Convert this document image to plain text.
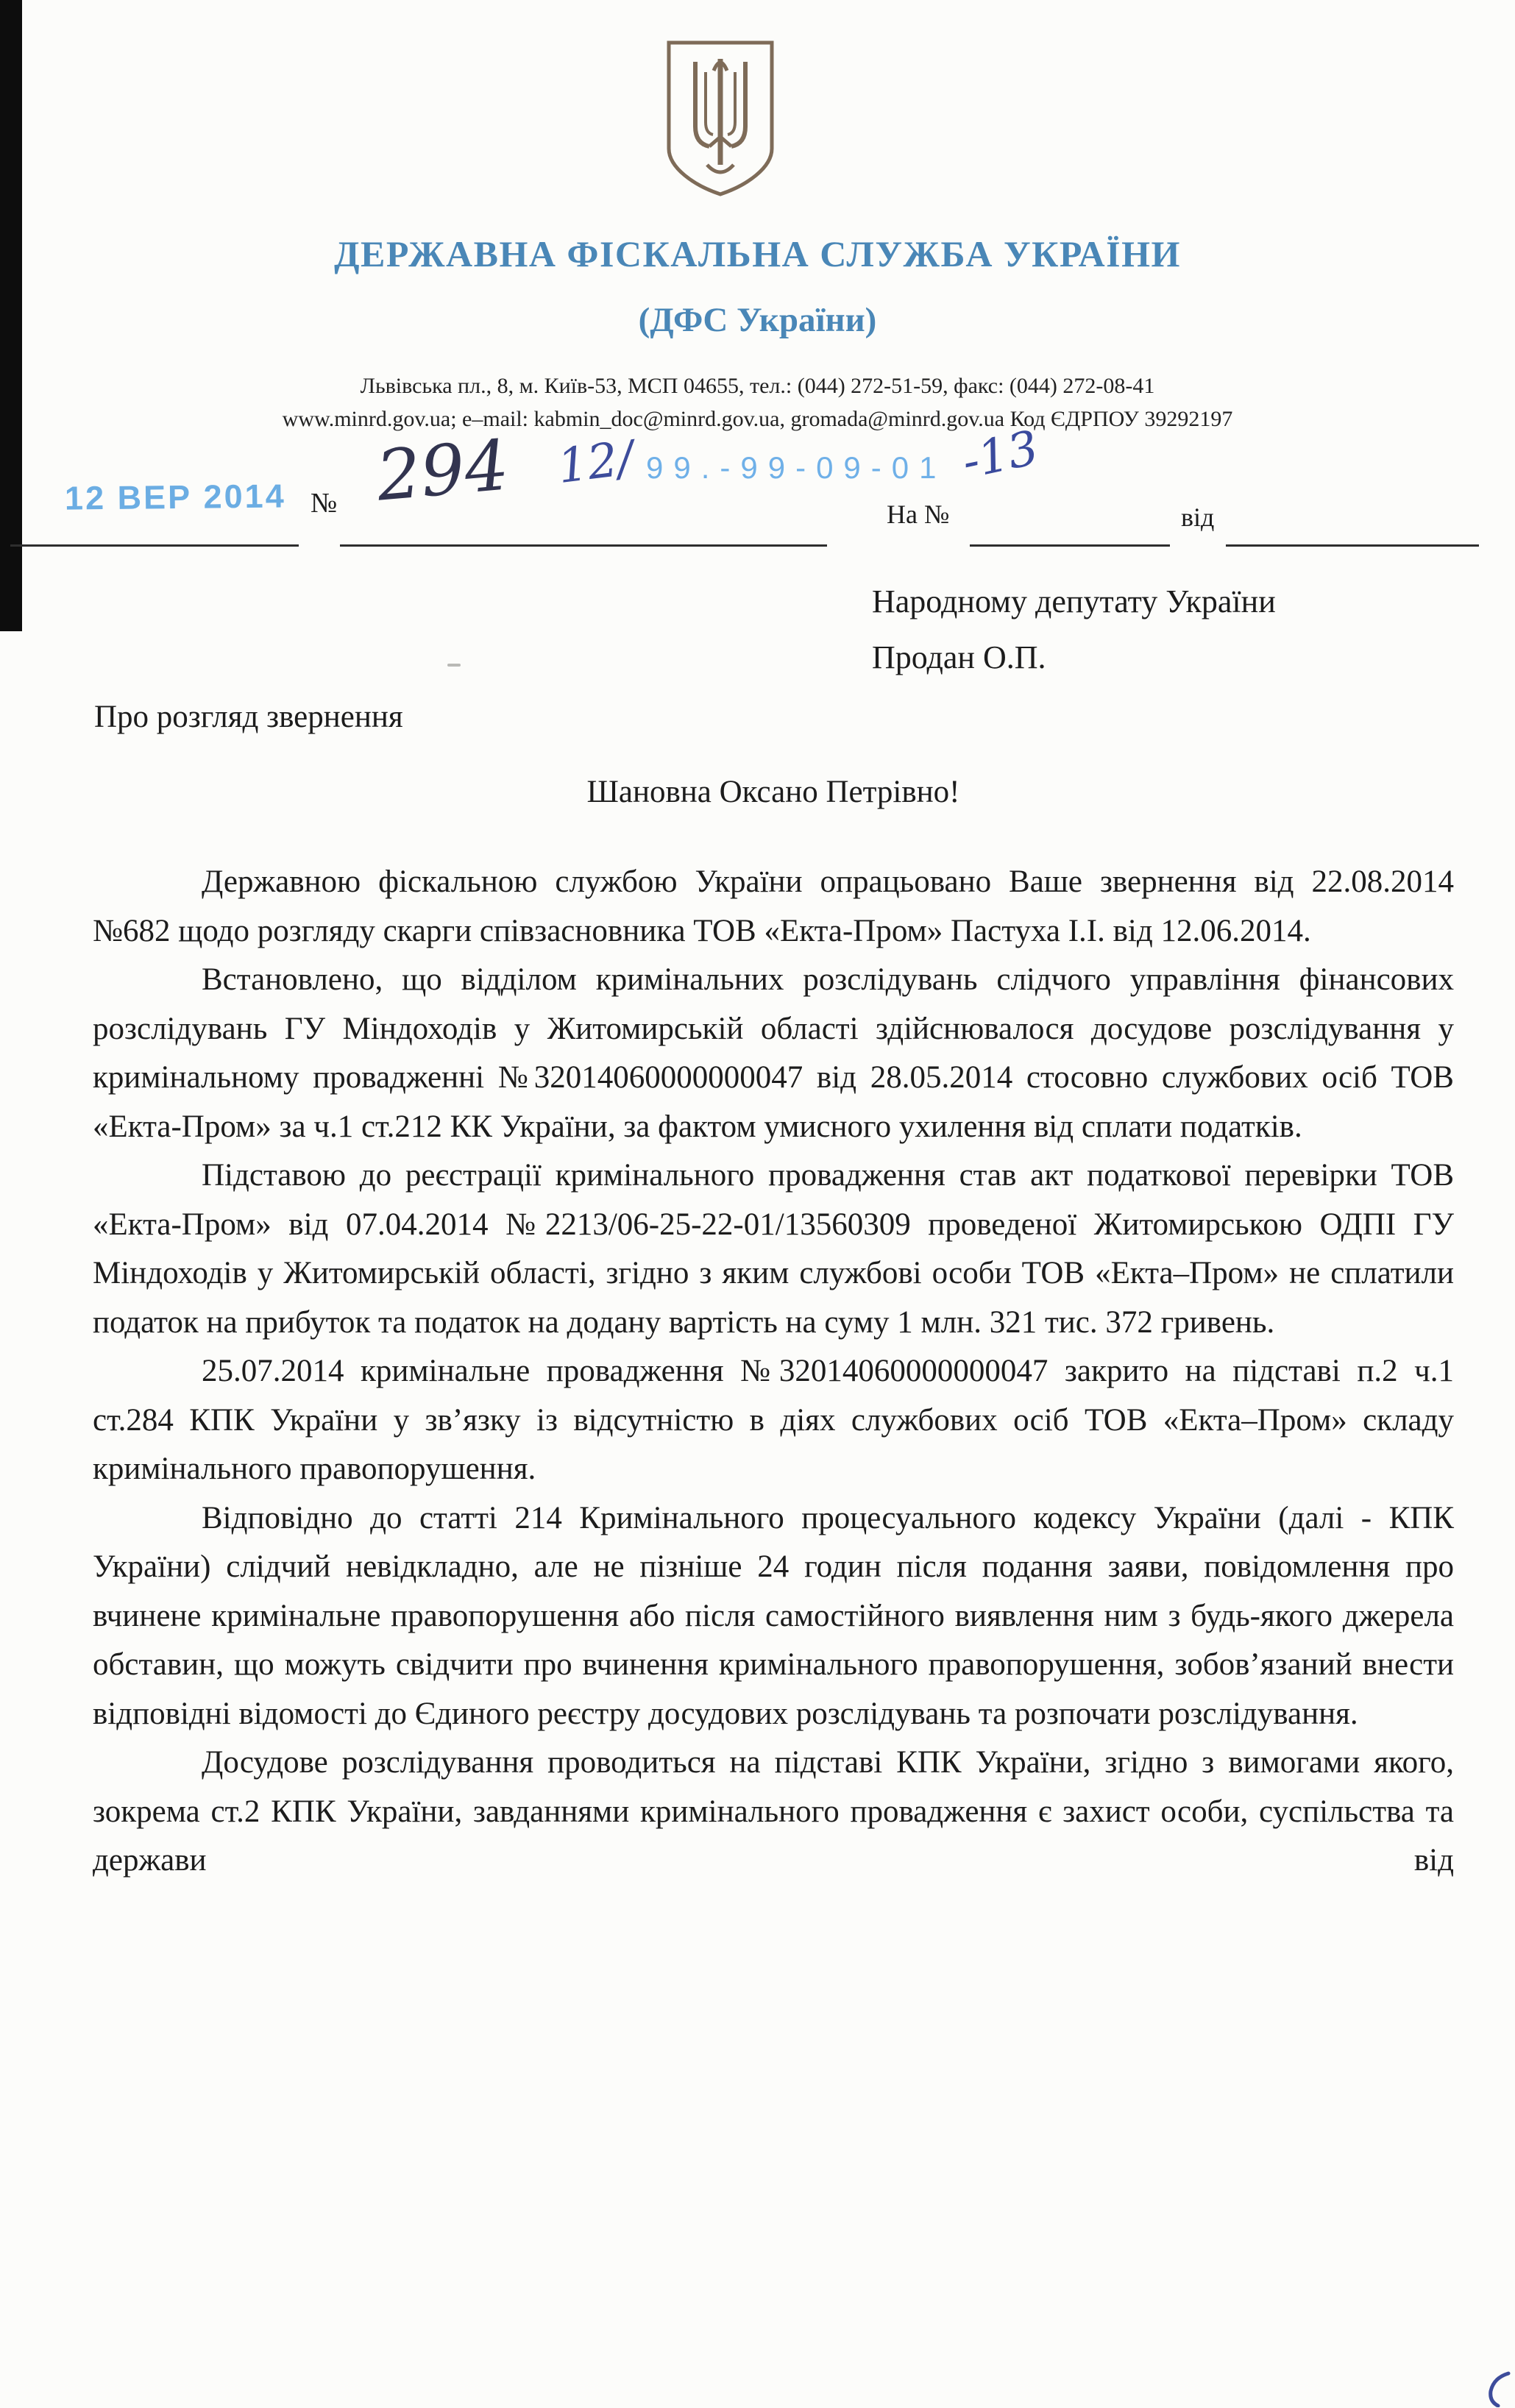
ДЕРЖАВНА ФІСКАЛЬНА СЛУЖБА УКРАЇНИ
(ДФС України)
Львівська пл., 8, м. Київ-53, МСП 04655, тел.: (044) 272-51-59, факс: (044) 272-08-41
www.minrd.gov.ua; e–mail: kabmin_doc@minrd.gov.ua, gromada@minrd.gov.ua Код ЄДРПОУ 39292197
12 ВЕР 2014 № 294 12/ 99.-99-09-01 -13
На №	від
Народному депутату України
Продан О.П.
Про розгляд звернення
Шановна Оксано Петрівно!

Державною фіскальною службою України опрацьовано Ваше звернення від 22.08.2014 №682 щодо розгляду скарги співзасновника ТОВ «Екта-Пром» Пастуха І.І. від 12.06.2014.

Встановлено, що відділом кримінальних розслідувань слідчого управління фінансових розслідувань ГУ Міндоходів у Житомирській області здійснювалося досудове розслідування у кримінальному провадженні №32014060000000047 від 28.05.2014 стосовно службових осіб ТОВ «Екта-Пром» за ч.1 ст.212 КК України, за фактом умисного ухилення від сплати податків.

Підставою до реєстрації кримінального провадження став акт податкової перевірки ТОВ «Екта-Пром» від 07.04.2014 №2213/06-25-22-01/13560309 проведеної Житомирською ОДПІ ГУ Міндоходів у Житомирській області, згідно з яким службові особи ТОВ «Екта–Пром» не сплатили податок на прибуток та податок на додану вартість на суму 1 млн. 321 тис. 372 гривень.

25.07.2014 кримінальне провадження №32014060000000047 закрито на підставі п.2 ч.1 ст.284 КПК України у зв’язку із відсутністю в діях службових осіб ТОВ «Екта–Пром» складу кримінального правопорушення.

Відповідно до статті 214 Кримінального процесуального кодексу України (далі - КПК України) слідчий невідкладно, але не пізніше 24 годин після подання заяви, повідомлення про вчинене кримінальне правопорушення або після самостійного виявлення ним з будь-якого джерела обставин, що можуть свідчити про вчинення кримінального правопорушення, зобов’язаний внести відповідні відомості до Єдиного реєстру досудових розслідувань та розпочати розслідування.

Досудове розслідування проводиться на підставі КПК України, згідно з вимогами якого, зокрема ст.2 КПК України, завданнями кримінального провадження є захист особи, суспільства та держави від
